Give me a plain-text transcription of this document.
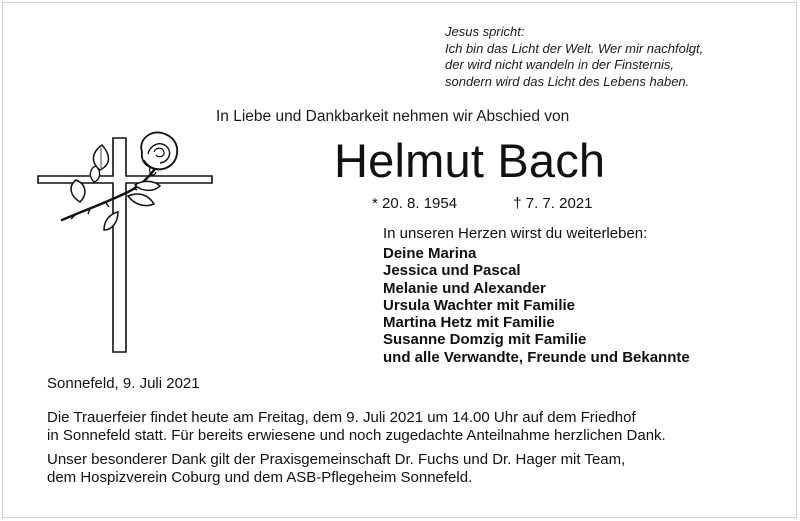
Jesus spricht:
Ich bin das Licht der Welt. Wer mir nachfolgt,
der wird nicht wandeln in der Finsternis,
sondern wird das Licht des Lebens haben.
In Liebe und Dankbarkeit nehmen wir Abschied von
Helmut Bach
* 20. 8. 1954	† 7. 7. 2021
In unseren Herzen wirst du weiterleben:
Deine Marina
Jessica und Pascal
Melanie und Alexander
Ursula Wachter mit Familie
Martina Hetz mit Familie
Susanne Domzig mit Familie
und alle Verwandte, Freunde und Bekannte
Sonnefeld, 9. Juli 2021
Die Trauerfeier findet heute am Freitag, dem 9. Juli 2021 um 14.00 Uhr auf dem Friedhof
in Sonnefeld statt. Für bereits erwiesene und noch zugedachte Anteilnahme herzlichen Dank.
Unser besonderer Dank gilt der Praxisgemeinschaft Dr. Fuchs und Dr. Hager mit Team,
dem Hospizverein Coburg und dem ASB-Pflegeheim Sonnefeld.
